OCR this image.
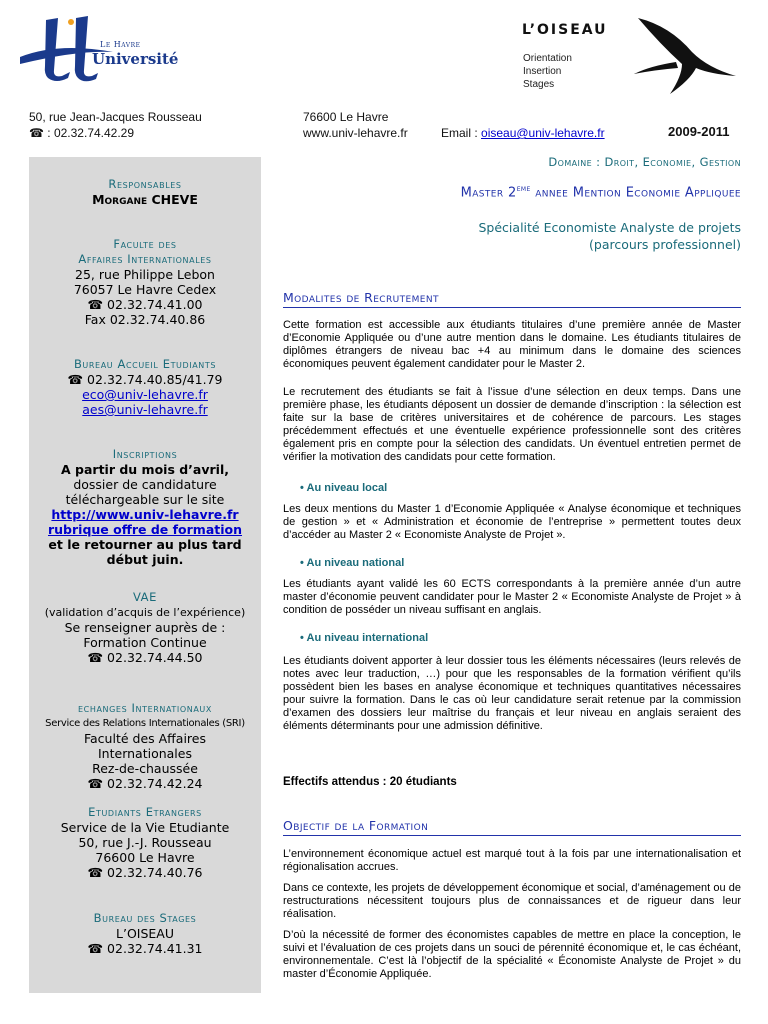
Le Havre
Université
L’OISEAU
Orientation
Insertion
Stages
50, rue Jean-Jacques Rousseau
☎ : 02.32.74.42.29
76600 Le Havre
www.univ-lehavre.fr	Email : oiseau@univ-lehavre.fr	2009-2011
Responsables
Morgane CHEVE
Faculte des
Affaires Internationales
25, rue Philippe Lebon
76057 Le Havre Cedex
☎ 02.32.74.41.00
Fax 02.32.74.40.86
Bureau Accueil Etudiants
☎ 02.32.74.40.85/41.79
eco@univ-lehavre.fr
aes@univ-lehavre.fr
Inscriptions
A partir du mois d’avril,
dossier de candidature
téléchargeable sur le site
http://www.univ-lehavre.fr
rubrique offre de formation
et le retourner au plus tard
début juin.
VAE
(validation d’acquis de l’expérience)
Se renseigner auprès de :
Formation Continue
☎ 02.32.74.44.50
echanges Internationaux
Service des Relations Internationales (SRI)
Faculté des Affaires
Internationales
Rez-de-chaussée
☎ 02.32.74.42.24
Etudiants Etrangers
Service de la Vie Etudiante
50, rue J.-J. Rousseau
76600 Le Havre
☎ 02.32.74.40.76
Bureau des Stages
L’OISEAU
☎ 02.32.74.41.31
Domaine : Droit, Economie, Gestion
Master 2eme annee Mention Economie Appliquee
Spécialité Economiste Analyste de projets
(parcours professionnel)
Modalites de Recrutement
Cette formation est accessible aux étudiants titulaires d’une première année de Master d’Economie Appliquée ou d’une autre mention dans le domaine. Les étudiants titulaires de diplômes étrangers de niveau bac +4 au minimum dans le domaine des sciences économiques peuvent également candidater pour le Master 2.
Le recrutement des étudiants se fait à l’issue d’une sélection en deux temps. Dans une première phase, les étudiants déposent un dossier de demande d’inscription : la sélection est faite sur la base de critères universitaires et de cohérence de parcours. Les stages précédemment effectués et une éventuelle expérience professionnelle sont des critères également pris en compte pour la sélection des candidats. Un éventuel entretien permet de vérifier la motivation des candidats pour cette formation.
• Au niveau local
Les deux mentions du Master 1 d’Economie Appliquée « Analyse économique et techniques de gestion » et « Administration et économie de l’entreprise » permettent toutes deux d’accéder au Master 2 « Economiste Analyste de Projet ».
• Au niveau national
Les étudiants ayant validé les 60 ECTS correspondants à la première année d’un autre master d’économie peuvent candidater pour le Master 2 « Economiste Analyste de Projet » à condition de posséder un niveau suffisant en anglais.
• Au niveau international
Les étudiants doivent apporter à leur dossier tous les éléments nécessaires (leurs relevés de notes avec leur traduction, …) pour que les responsables de la formation vérifient qu’ils possèdent bien les bases en analyse économique et techniques quantitatives nécessaires pour suivre la formation. Dans le cas où leur candidature serait retenue par la commission d’examen des dossiers leur maîtrise du français et leur niveau en anglais seraient des éléments déterminants pour une admission définitive.
Effectifs attendus : 20 étudiants
Objectif de la Formation
L’environnement économique actuel est marqué tout à la fois par une internationalisation et régionalisation accrues.
Dans ce contexte, les projets de développement économique et social, d’aménagement ou de restructurations nécessitent toujours plus de connaissances et de rigueur dans leur réalisation.
D’où la nécessité de former des économistes capables de mettre en place la conception, le suivi et l’évaluation de ces projets dans un souci de pérennité économique et, le cas échéant, environnementale. C’est là l’objectif de la spécialité « Économiste Analyste de Projet » du master d’Économie Appliquée.
